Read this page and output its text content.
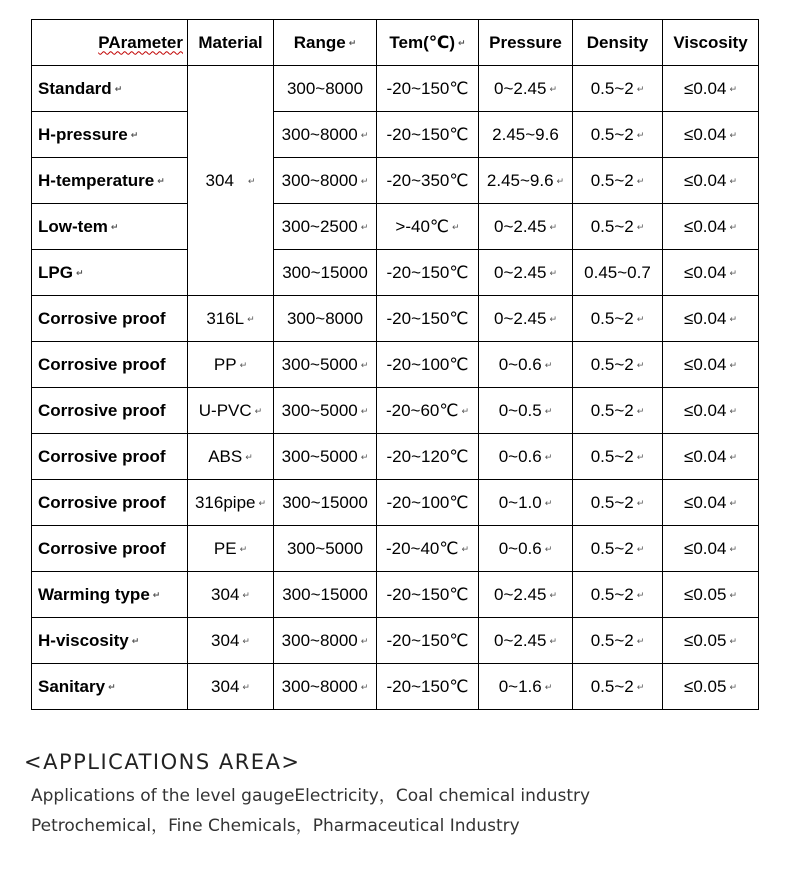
PArameter	Material	Range ↵	Tem(℃) ↵	Pressure	Density	Viscosity
Standard ↵	304 ↵	300~8000	-20~150℃	0~2.45 ↵	0.5~2 ↵	≤0.04 ↵
H-pressure ↵		300~8000 ↵	-20~150℃	2.45~9.6	0.5~2 ↵	≤0.04 ↵
H-temperature ↵		300~8000 ↵	-20~350℃	2.45~9.6 ↵	0.5~2 ↵	≤0.04 ↵
Low-tem ↵		300~2500 ↵	>-40℃ ↵	0~2.45 ↵	0.5~2 ↵	≤0.04 ↵
LPG ↵		300~15000	-20~150℃	0~2.45 ↵	0.45~0.7	≤0.04 ↵
Corrosive proof	316L ↵	300~8000	-20~150℃	0~2.45 ↵	0.5~2 ↵	≤0.04 ↵
Corrosive proof	PP ↵	300~5000 ↵	-20~100℃	0~0.6 ↵	0.5~2 ↵	≤0.04 ↵
Corrosive proof	U-PVC ↵	300~5000 ↵	-20~60℃ ↵	0~0.5 ↵	0.5~2 ↵	≤0.04 ↵
Corrosive proof	ABS ↵	300~5000 ↵	-20~120℃	0~0.6 ↵	0.5~2 ↵	≤0.04 ↵
Corrosive proof	316pipe ↵	300~15000	-20~100℃	0~1.0 ↵	0.5~2 ↵	≤0.04 ↵
Corrosive proof	PE ↵	300~5000	-20~40℃ ↵	0~0.6 ↵	0.5~2 ↵	≤0.04 ↵
Warming type ↵	304 ↵	300~15000	-20~150℃	0~2.45 ↵	0.5~2 ↵	≤0.05 ↵
H-viscosity ↵	304 ↵	300~8000 ↵	-20~150℃	0~2.45 ↵	0.5~2 ↵	≤0.05 ↵
Sanitary ↵	304 ↵	300~8000 ↵	-20~150℃	0~1.6 ↵	0.5~2 ↵	≤0.05 ↵
<APPLICATIONS AREA>
Applications of the level gaugeElectricity，Coal chemical industry
Petrochemical，Fine Chemicals，Pharmaceutical Industry
